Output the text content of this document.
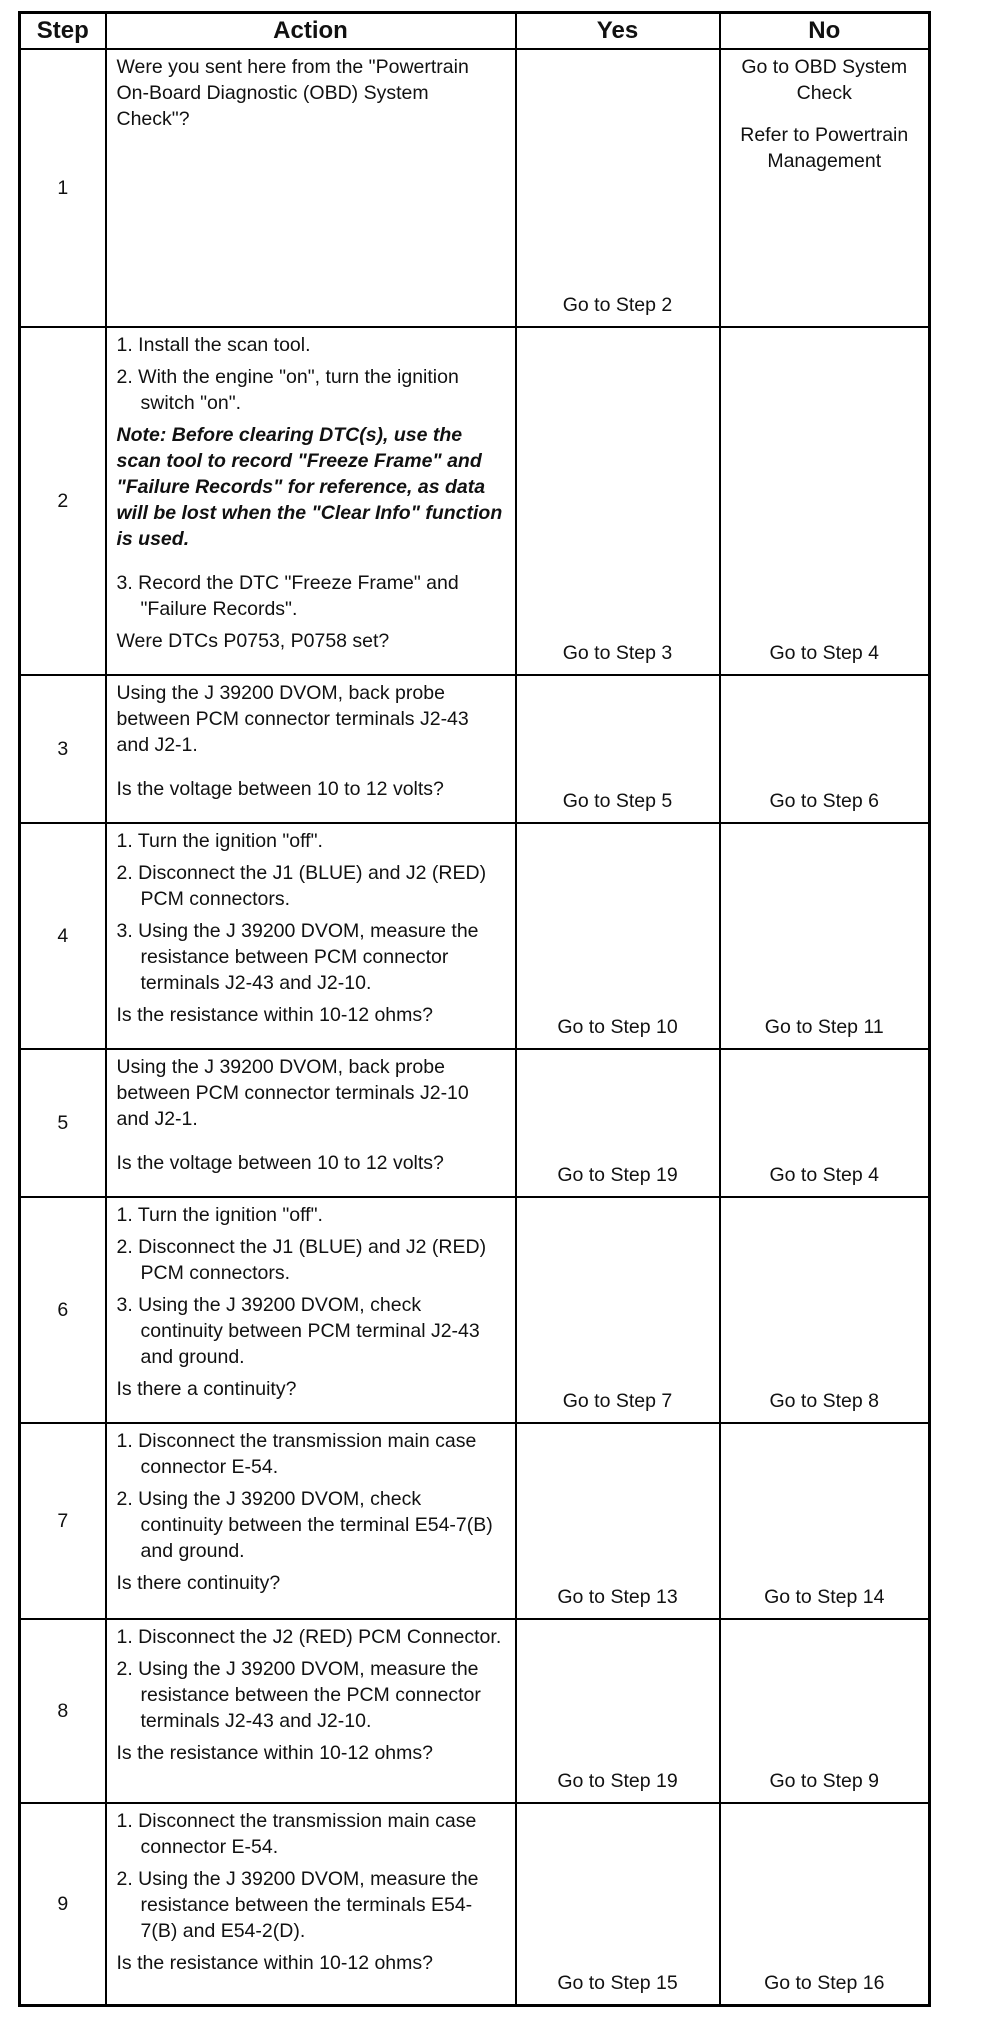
Step	Action	Yes	No
1	Were you sent here from the "Powertrain On-Board Diagnostic (OBD) System Check"?	Go to Step 2	Go to OBD System Check

Refer to Powertrain Management

2	1. Install the scan tool.

2. With the engine "on", turn the ignition switch "on".

Note: Before clearing DTC(s), use the scan tool to record "Freeze Frame" and "Failure Records" for reference, as data will be lost when the "Clear Info" function is used.

3. Record the DTC "Freeze Frame" and "Failure Records".

Were DTCs P0753, P0758 set?	Go to Step 3	Go to Step 4
3	Using the J 39200 DVOM, back probe between PCM connector terminals J2-43 and J2-1.

Is the voltage between 10 to 12 volts?	Go to Step 5	Go to Step 6
4	1. Turn the ignition "off".

2. Disconnect the J1 (BLUE) and J2 (RED) PCM connectors.

3. Using the J 39200 DVOM, measure the resistance between PCM connector terminals J2-43 and J2-10.

Is the resistance within 10-12 ohms?	Go to Step 10	Go to Step 11
5	Using the J 39200 DVOM, back probe between PCM connector terminals J2-10 and J2-1.

Is the voltage between 10 to 12 volts?	Go to Step 19	Go to Step 4
6	1. Turn the ignition "off".

2. Disconnect the J1 (BLUE) and J2 (RED) PCM connectors.

3. Using the J 39200 DVOM, check continuity between PCM terminal J2-43 and ground.

Is there a continuity?	Go to Step 7	Go to Step 8
7	1. Disconnect the transmission main case connector E-54.

2. Using the J 39200 DVOM, check continuity between the terminal E54-7(B) and ground.

Is there continuity?	Go to Step 13	Go to Step 14
8	1. Disconnect the J2 (RED) PCM Connector.

2. Using the J 39200 DVOM, measure the resistance between the PCM connector terminals J2-43 and J2-10.

Is the resistance within 10-12 ohms?	Go to Step 19	Go to Step 9
9	1. Disconnect the transmission main case connector E-54.

2. Using the J 39200 DVOM, measure the resistance between the terminals E54-7(B) and E54-2(D).

Is the resistance within 10-12 ohms?	Go to Step 15	Go to Step 16
